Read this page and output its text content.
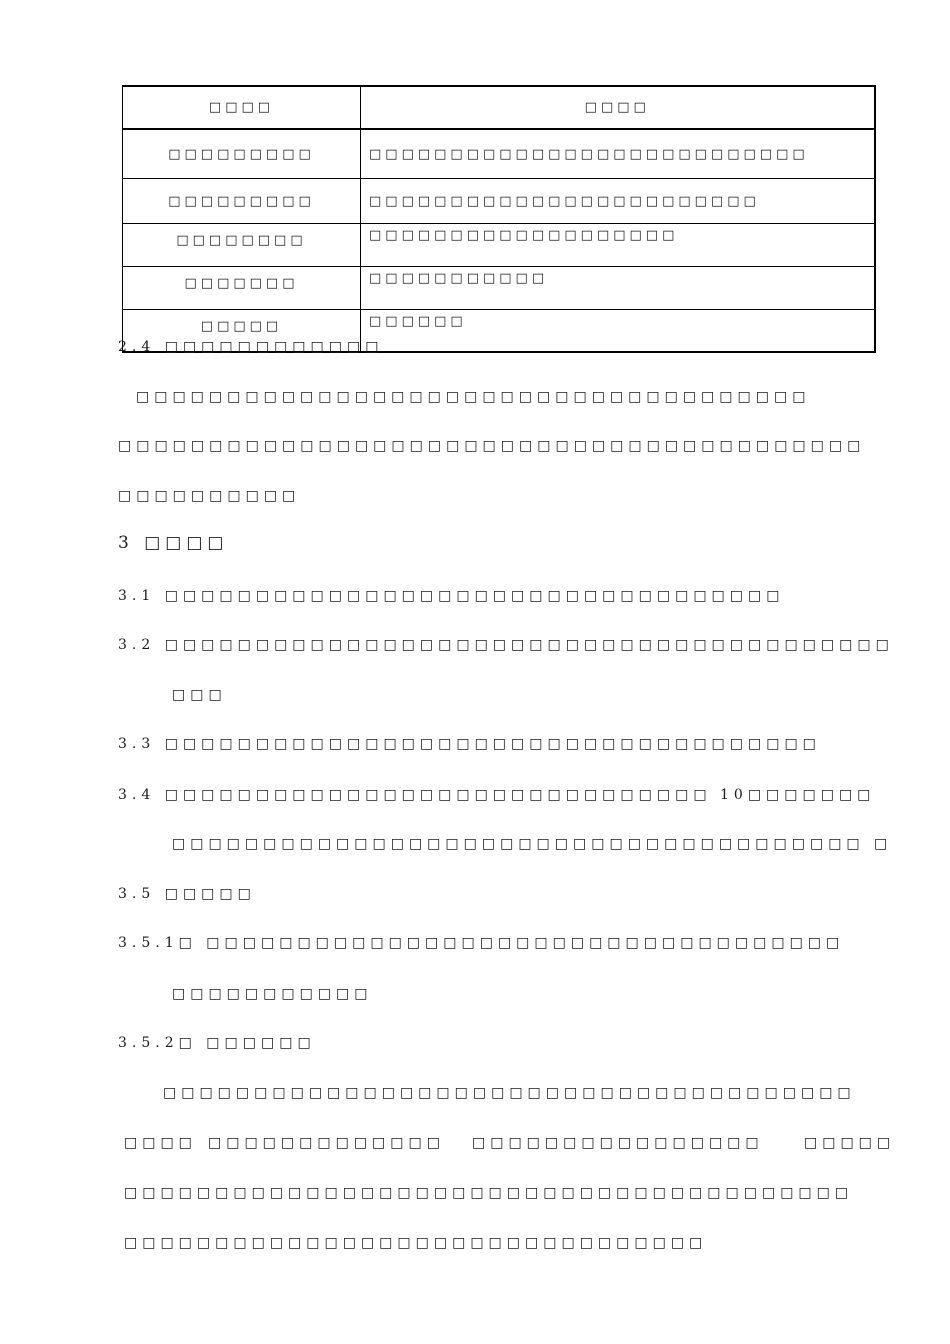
□□□□	□□□□
□□□□□□□□□	□□□□□□□□□□□□□□□□□□□□□□□□□□□
□□□□□□□□□	□□□□□□□□□□□□□□□□□□□□□□□□
□□□□□□□□	□□□□□□□□□□□□□□□□□□□
□□□□□□□	□□□□□□□□□□□
□□□□□	□□□□□□
2.4 □□□□□□□□□□□□
□□□□□□□□□□□□□□□□□□□□□□□□□□□□□□□□□□□□□
□□□□□□□□□□□□□□□□□□□□□□□□□□□□□□□□□□□□□□□□□
□□□□□□□□□□
3 □□□□
3.1 □□□□□□□□□□□□□□□□□□□□□□□□□□□□□□□□□□
3.2 □□□□□□□□□□□□□□□□□□□□□□□□□□□□□□□□□□□□□□□□
□□□
3.3 □□□□□□□□□□□□□□□□□□□□□□□□□□□□□□□□□□□□
3.4 □□□□□□□□□□□□□□□□□□□□□□□□□□□□□□ 10□□□□□□□
□□□□□□□□□□□□□□□□□□□□□□□□□□□□□□□□□□□□□□ □
3.5 □□□□□
3.5.1□ □□□□□□□□□□□□□□□□□□□□□□□□□□□□□□□□□□□
□□□□□□□□□□□
3.5.2□ □□□□□□
□□□□□□□□□□□□□□□□□□□□□□□□□□□□□□□□□□□□□□
□□□□ □□□□□□□□□□□□□ □□□□□□□□□□□□□□□□	□□□□□
□□□□□□□□□□□□□□□□□□□□□□□□□□□□□□□□□□□□□□□□
□□□□□□□□□□□□□□□□□□□□□□□□□□□□□□□□
